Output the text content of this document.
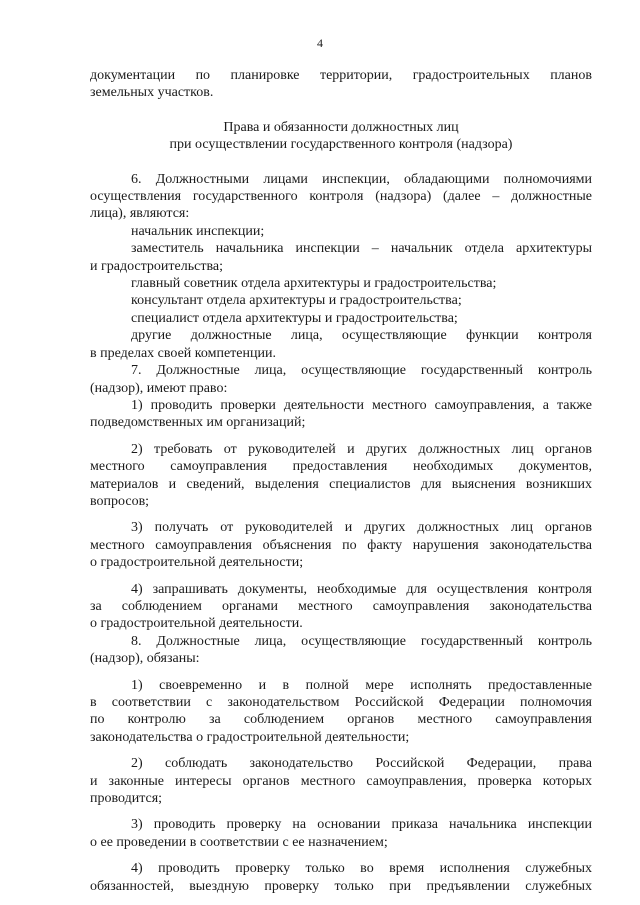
4
документации по планировке территории, градостроительных планов
земельных участков.
Права и обязанности должностных лиц
при осуществлении государственного контроля (надзора)
6. Должностными лицами инспекции, обладающими полномочиями
осуществления государственного контроля (надзора) (далее – должностные
лица), являются:
начальник инспекции;
заместитель начальника инспекции – начальник отдела архитектуры
и градостроительства;
главный советник отдела архитектуры и градостроительства;
консультант отдела архитектуры и градостроительства;
специалист отдела архитектуры и градостроительства;
другие должностные лица, осуществляющие функции контроля
в пределах своей компетенции.
7. Должностные лица, осуществляющие государственный контроль
(надзор), имеют право:
1) проводить проверки деятельности местного самоуправления, а также
подведомственных им организаций;
2) требовать от руководителей и других должностных лиц органов
местного самоуправления предоставления необходимых документов,
материалов и сведений, выделения специалистов для выяснения возникших
вопросов;
3) получать от руководителей и других должностных лиц органов
местного самоуправления объяснения по факту нарушения законодательства
о градостроительной деятельности;
4) запрашивать документы, необходимые для осуществления контроля
за соблюдением органами местного самоуправления законодательства
о градостроительной деятельности.
8. Должностные лица, осуществляющие государственный контроль
(надзор), обязаны:
1) своевременно и в полной мере исполнять предоставленные
в соответствии с законодательством Российской Федерации полномочия
по контролю за соблюдением органов местного самоуправления
законодательства о градостроительной деятельности;
2) соблюдать законодательство Российской Федерации, права
и законные интересы органов местного самоуправления, проверка которых
проводится;
3) проводить проверку на основании приказа начальника инспекции
о ее проведении в соответствии с ее назначением;
4) проводить проверку только во время исполнения служебных
обязанностей, выездную проверку только при предъявлении служебных
